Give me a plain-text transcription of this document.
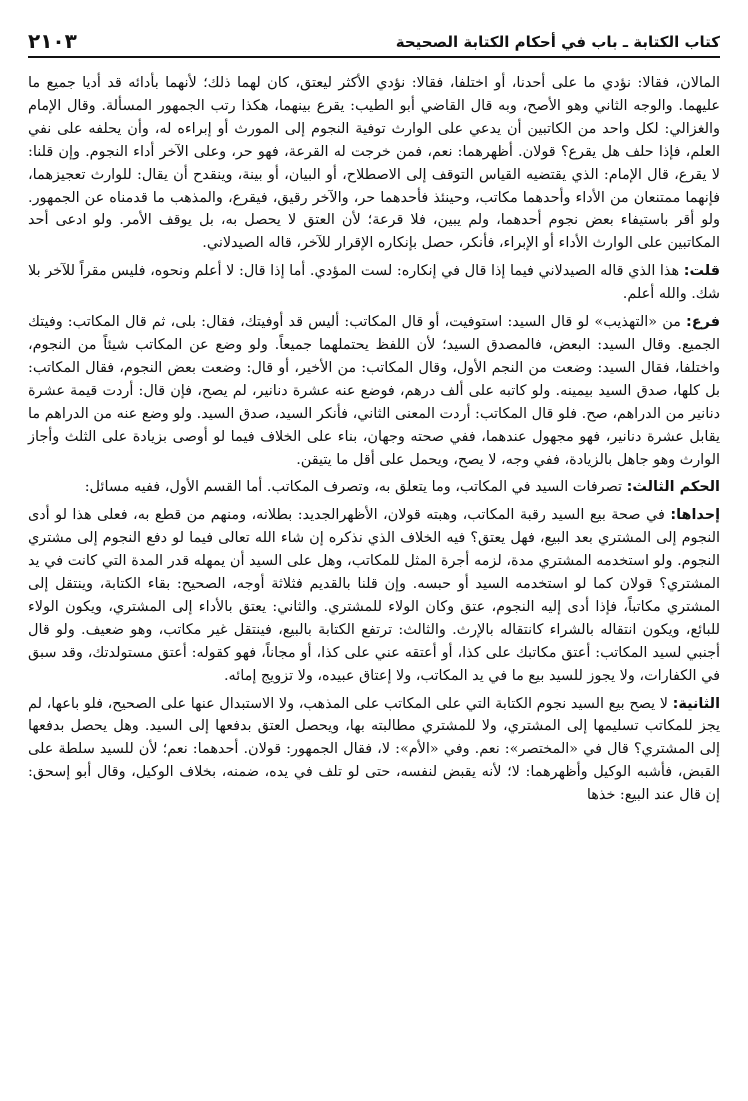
كتاب الكتابة ـ باب في أحكام الكتابة الصحيحة
٢١٠٣

المالان، فقالا: نؤدي ما على أحدنا، أو اختلفا، فقالا: نؤدي الأكثر ليعتق، كان لهما ذلك؛ لأنهما بأدائه قد أديا جميع ما عليهما. والوجه الثاني وهو الأصح، وبه قال القاضي أبو الطيب: يقرع بينهما، هكذا رتب الجمهور المسألة. وقال الإمام والغزالي: لكل واحد من الكاتبين أن يدعي على الوارث توفية النجوم إلى المورث أو إبراءه له، وأن يحلفه على نفي العلم، فإذا حلف هل يقرع؟ قولان. أظهرهما: نعم، فمن خرجت له القرعة، فهو حر، وعلى الآخر أداء النجوم. وإن قلنا: لا يقرع، قال الإمام: الذي يقتضيه القياس التوقف إلى الاصطلاح، أو البيان، أو بينة، وينقدح أن يقال: للوارث تعجيزهما، فإنهما ممتنعان من الأداء وأحدهما مكاتب، وحينئذ فأحدهما حر، والآخر رقيق، فيقرع، والمذهب ما قدمناه عن الجمهور. ولو أقر باستيفاء بعض نجوم أحدهما، ولم يبين، فلا قرعة؛ لأن العتق لا يحصل به، بل يوقف الأمر. ولو ادعى أحد المكاتبين على الوارث الأداء أو الإبراء، فأنكر، حصل بإنكاره الإقرار للآخر، قاله الصيدلاني.

قلت: هذا الذي قاله الصيدلاني فيما إذا قال في إنكاره: لست المؤدي. أما إذا قال: لا أعلم ونحوه، فليس مقراً للآخر بلا شك. والله أعلم.

فرع: من «التهذيب» لو قال السيد: استوفيت، أو قال المكاتب: أليس قد أوفيتك، فقال: بلى، ثم قال المكاتب: وفيتك الجميع. وقال السيد: البعض، فالمصدق السيد؛ لأن اللفظ يحتملهما جميعاً. ولو وضع عن المكاتب شيئاً من النجوم، واختلفا، فقال السيد: وضعت من النجم الأول، وقال المكاتب: من الأخير، أو قال: وضعت بعض النجوم، فقال المكاتب: بل كلها، صدق السيد بيمينه. ولو كاتبه على ألف درهم، فوضع عنه عشرة دنانير، لم يصح، فإن قال: أردت قيمة عشرة دنانير من الدراهم، صح. فلو قال المكاتب: أردت المعنى الثاني، فأنكر السيد، صدق السيد. ولو وضع عنه من الدراهم ما يقابل عشرة دنانير، فهو مجهول عندهما، ففي صحته وجهان، بناء على الخلاف فيما لو أوصى بزيادة على الثلث وأجاز الوارث وهو جاهل بالزيادة، ففي وجه، لا يصح، ويحمل على أقل ما يتيقن.

الحكم الثالث: تصرفات السيد في المكاتب، وما يتعلق به، وتصرف المكاتب. أما القسم الأول، ففيه مسائل:

إحداها: في صحة بيع السيد رقبة المكاتب، وهبته قولان، الأظهرالجديد: بطلانه، ومنهم من قطع به، فعلى هذا لو أدى النجوم إلى المشتري بعد البيع، فهل يعتق؟ فيه الخلاف الذي نذكره إن شاء الله تعالى فيما لو دفع النجوم إلى مشتري النجوم. ولو استخدمه المشتري مدة، لزمه أجرة المثل للمكاتب، وهل على السيد أن يمهله قدر المدة التي كانت في يد المشتري؟ قولان كما لو استخدمه السيد أو حبسه. وإن قلنا بالقديم فثلاثة أوجه، الصحيح: بقاء الكتابة، وينتقل إلى المشتري مكاتباً، فإذا أدى إليه النجوم، عتق وكان الولاء للمشتري. والثاني: يعتق بالأداء إلى المشتري، ويكون الولاء للبائع، ويكون انتقاله بالشراء كانتقاله بالإرث. والثالث: ترتفع الكتابة بالبيع، فينتقل غير مكاتب، وهو ضعيف. ولو قال أجنبي لسيد المكاتب: أعتق مكاتبك على كذا، أو أعتقه عني على كذا، أو مجاناً، فهو كقوله: أعتق مستولدتك، وقد سبق في الكفارات، ولا يجوز للسيد بيع ما في يد المكاتب، ولا إعتاق عبيده، ولا تزويج إمائه.

الثانية: لا يصح بيع السيد نجوم الكتابة التي على المكاتب على المذهب، ولا الاستبدال عنها على الصحيح، فلو باعها، لم يجز للمكاتب تسليمها إلى المشتري، ولا للمشتري مطالبته بها، ويحصل العتق بدفعها إلى السيد. وهل يحصل بدفعها إلى المشتري؟ قال في «المختصر»: نعم. وفي «الأم»: لا، فقال الجمهور: قولان. أحدهما: نعم؛ لأن للسيد سلطة على القبض، فأشبه الوكيل وأظهرهما: لا؛ لأنه يقبض لنفسه، حتى لو تلف في يده، ضمنه، بخلاف الوكيل، وقال أبو إسحق: إن قال عند البيع: خذها
